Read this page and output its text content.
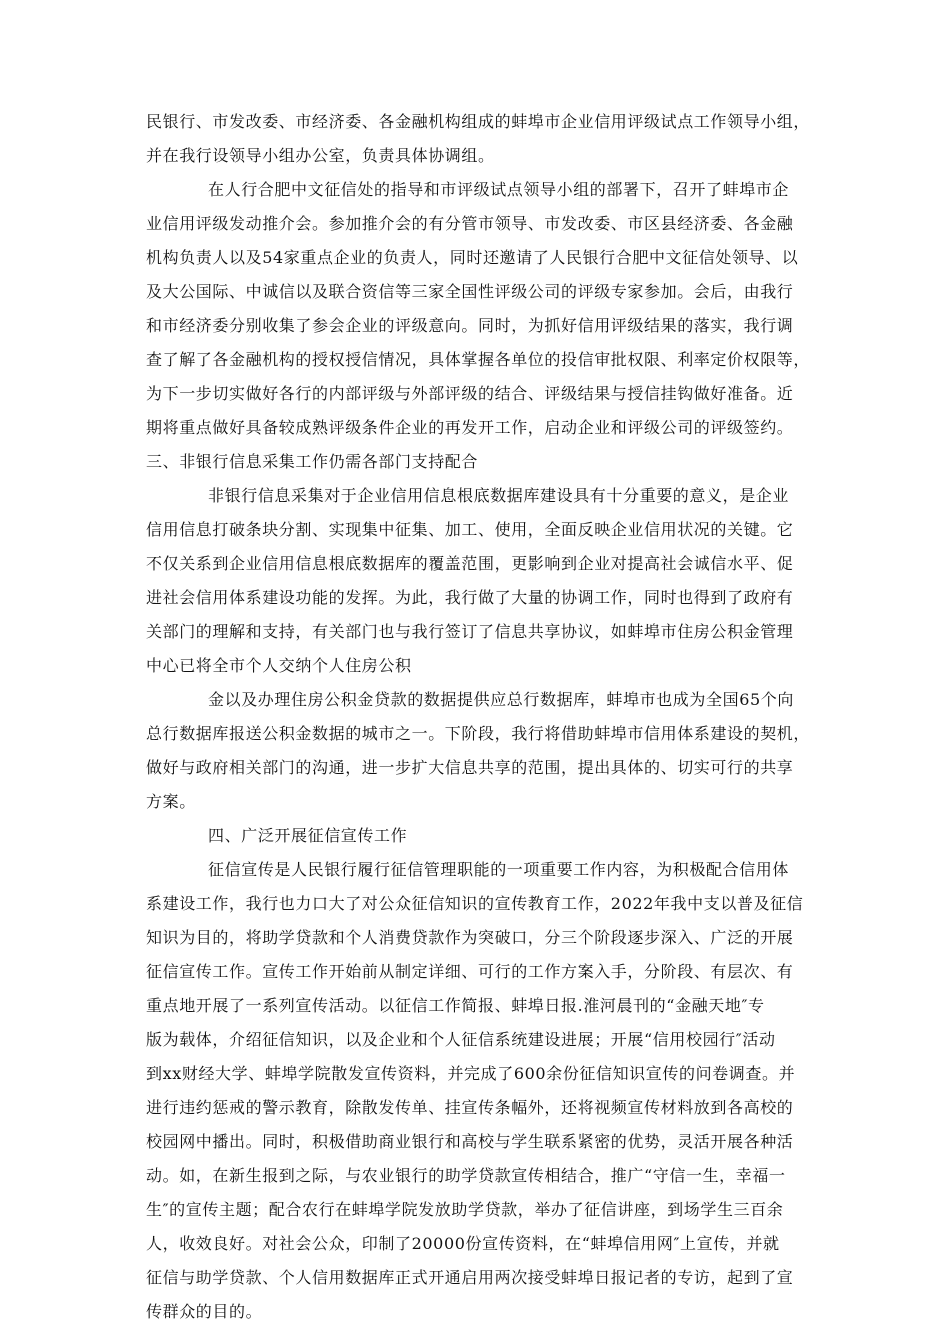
民银行、市发改委、市经济委、各金融机构组成的蚌埠市企业信用评级试点工作领导小组，
并在我行设领导小组办公室，负责具体协调组。
在人行合肥中文征信处的指导和市评级试点领导小组的部署下，召开了蚌埠市企
业信用评级发动推介会。参加推介会的有分管市领导、市发改委、市区县经济委、各金融
机构负责人以及54家重点企业的负责人，同时还邀请了人民银行合肥中文征信处领导、以
及大公国际、中诚信以及联合资信等三家全国性评级公司的评级专家参加。会后，由我行
和市经济委分别收集了参会企业的评级意向。同时，为抓好信用评级结果的落实，我行调
查了解了各金融机构的授权授信情况，具体掌握各单位的投信审批权限、利率定价权限等，
为下一步切实做好各行的内部评级与外部评级的结合、评级结果与授信挂钩做好准备。近
期将重点做好具备较成熟评级条件企业的再发开工作，启动企业和评级公司的评级签约。
三、非银行信息采集工作仍需各部门支持配合
非银行信息采集对于企业信用信息根底数据库建设具有十分重要的意义，是企业
信用信息打破条块分割、实现集中征集、加工、使用，全面反映企业信用状况的关键。它
不仅关系到企业信用信息根底数据库的覆盖范围，更影响到企业对提高社会诚信水平、促
进社会信用体系建设功能的发挥。为此，我行做了大量的协调工作，同时也得到了政府有
关部门的理解和支持，有关部门也与我行签订了信息共享协议，如蚌埠市住房公积金管理
中心已将全市个人交纳个人住房公积
金以及办理住房公积金贷款的数据提供应总行数据库，蚌埠市也成为全国65个向
总行数据库报送公积金数据的城市之一。下阶段，我行将借助蚌埠市信用体系建设的契机，
做好与政府相关部门的沟通，进一步扩大信息共享的范围，提出具体的、切实可行的共享
方案。
四、广泛开展征信宣传工作
征信宣传是人民银行履行征信管理职能的一项重要工作内容，为积极配合信用体
系建设工作，我行也力口大了对公众征信知识的宣传教育工作，2022年我中支以普及征信
知识为目的，将助学贷款和个人消费贷款作为突破口，分三个阶段逐步深入、广泛的开展
征信宣传工作。宣传工作开始前从制定详细、可行的工作方案入手，分阶段、有层次、有
重点地开展了一系列宣传活动。以征信工作简报、蚌埠日报.淮河晨刊的“金融天地″专
版为载体，介绍征信知识，以及企业和个人征信系统建设进展；开展“信用校园行″活动
到xx财经大学、蚌埠学院散发宣传资料，并完成了600余份征信知识宣传的问卷调查。并
进行违约惩戒的警示教育，除散发传单、挂宣传条幅外，还将视频宣传材料放到各高校的
校园网中播出。同时，积极借助商业银行和高校与学生联系紧密的优势，灵活开展各种活
动。如，在新生报到之际，与农业银行的助学贷款宣传相结合，推广“守信一生，幸福一
生″的宣传主题；配合农行在蚌埠学院发放助学贷款，举办了征信讲座，到场学生三百余
人，收效良好。对社会公众，印制了20000份宣传资料，在“蚌埠信用网″上宣传，并就
征信与助学贷款、个人信用数据库正式开通启用两次接受蚌埠日报记者的专访，起到了宣
传群众的目的。
